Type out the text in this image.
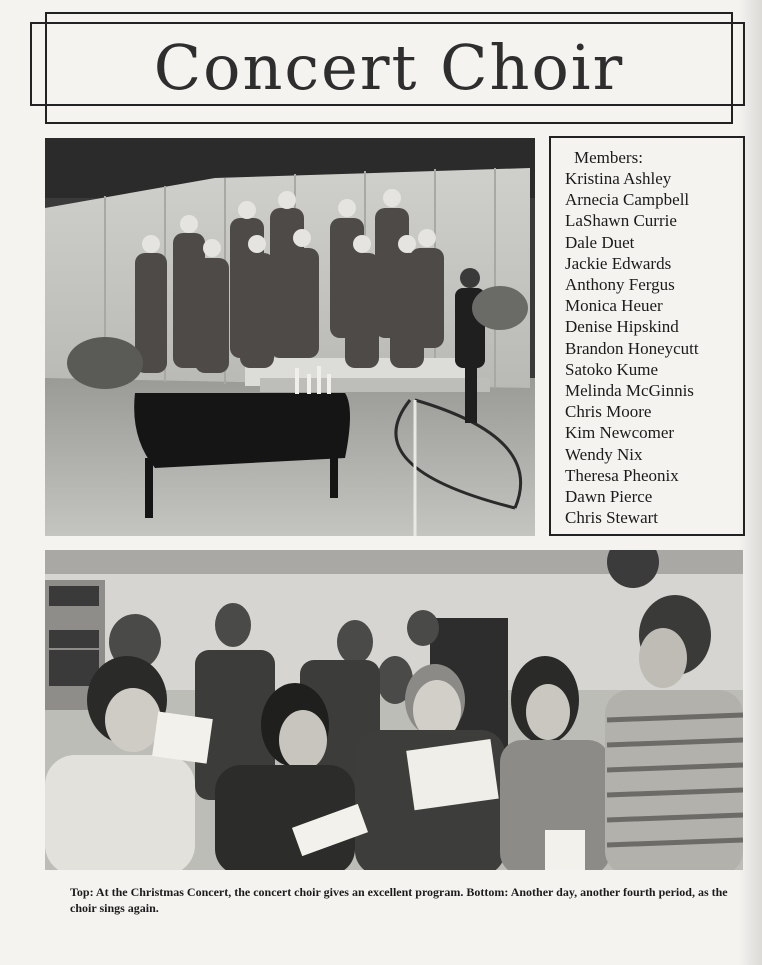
Concert Choir

Members:

Kristina Ashley
Arnecia Campbell
LaShawn Currie
Dale Duet
Jackie Edwards
Anthony Fergus
Monica Heuer
Denise Hipskind
Brandon Honeycutt
Satoko Kume
Melinda McGinnis
Chris Moore
Kim Newcomer
Wendy Nix
Theresa Pheonix
Dawn Pierce
Chris Stewart
Top: At the Christmas Concert, the concert choir gives an excellent program. Bottom: Another day, another fourth period, as the choir sings again.
